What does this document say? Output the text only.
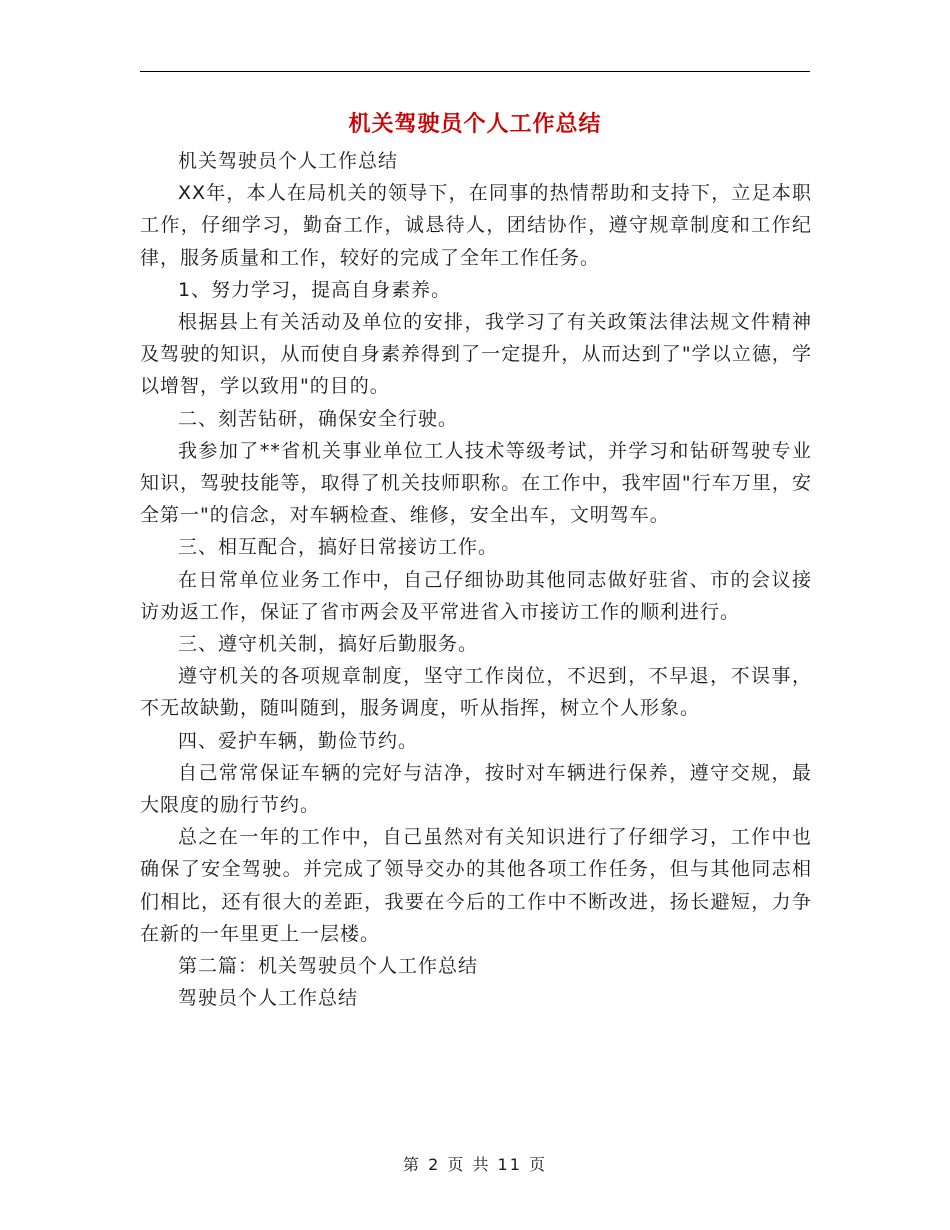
机关驾驶员个人工作总结

机关驾驶员个人工作总结

XX年，本人在局机关的领导下，在同事的热情帮助和支持下，立足本职工作，仔细学习，勤奋工作，诚恳待人，团结协作，遵守规章制度和工作纪律，服务质量和工作，较好的完成了全年工作任务。

1、努力学习，提高自身素养。

根据县上有关活动及单位的安排，我学习了有关政策法律法规文件精神及驾驶的知识，从而使自身素养得到了一定提升，从而达到了"学以立德，学以增智，学以致用"的目的。

二、刻苦钻研，确保安全行驶。

我参加了**省机关事业单位工人技术等级考试，并学习和钻研驾驶专业知识，驾驶技能等，取得了机关技师职称。在工作中，我牢固"行车万里，安全第一"的信念，对车辆检查、维修，安全出车，文明驾车。

三、相互配合，搞好日常接访工作。

在日常单位业务工作中，自己仔细协助其他同志做好驻省、市的会议接访劝返工作，保证了省市两会及平常进省入市接访工作的顺利进行。

三、遵守机关制，搞好后勤服务。

遵守机关的各项规章制度，坚守工作岗位，不迟到，不早退，不误事，不无故缺勤，随叫随到，服务调度，听从指挥，树立个人形象。

四、爱护车辆，勤俭节约。

自己常常保证车辆的完好与洁净，按时对车辆进行保养，遵守交规，最大限度的励行节约。

总之在一年的工作中，自己虽然对有关知识进行了仔细学习，工作中也确保了安全驾驶。并完成了领导交办的其他各项工作任务，但与其他同志相们相比，还有很大的差距，我要在今后的工作中不断改进，扬长避短，力争在新的一年里更上一层楼。

第二篇：机关驾驶员个人工作总结

驾驶员个人工作总结

第 2 页 共 11 页
